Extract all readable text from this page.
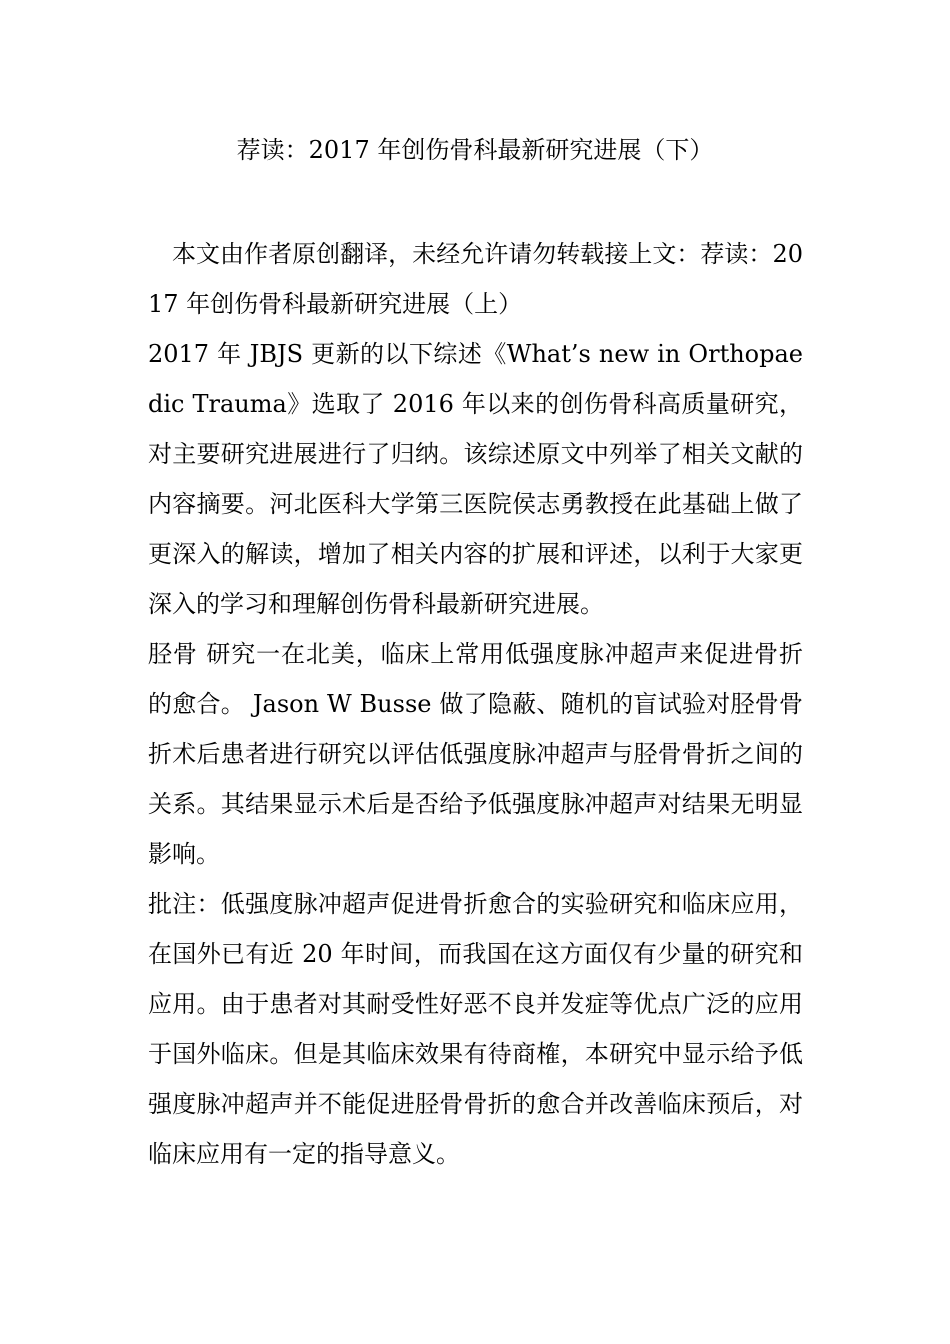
荐读：2017 年创伤骨科最新研究进展（下）

本文由作者原创翻译，未经允许请勿转载接上文：荐读：2017 年创伤骨科最新研究进展（上）

2017 年 JBJS 更新的以下综述《What’s new in Orthopaedic Trauma》选取了 2016 年以来的创伤骨科高质量研究，对主要研究进展进行了归纳。该综述原文中列举了相关文献的内容摘要。河北医科大学第三医院侯志勇教授在此基础上做了更深入的解读，增加了相关内容的扩展和评述，以利于大家更深入的学习和理解创伤骨科最新研究进展。

胫骨 研究一在北美，临床上常用低强度脉冲超声来促进骨折的愈合。 Jason W Busse 做了隐蔽、随机的盲试验对胫骨骨折术后患者进行研究以评估低强度脉冲超声与胫骨骨折之间的关系。其结果显示术后是否给予低强度脉冲超声对结果无明显影响。

批注：低强度脉冲超声促进骨折愈合的实验研究和临床应用，在国外已有近 20 年时间，而我国在这方面仅有少量的研究和应用。由于患者对其耐受性好恶不良并发症等优点广泛的应用于国外临床。但是其临床效果有待商榷，本研究中显示给予低强度脉冲超声并不能促进胫骨骨折的愈合并改善临床预后，对临床应用有一定的指导意义。
